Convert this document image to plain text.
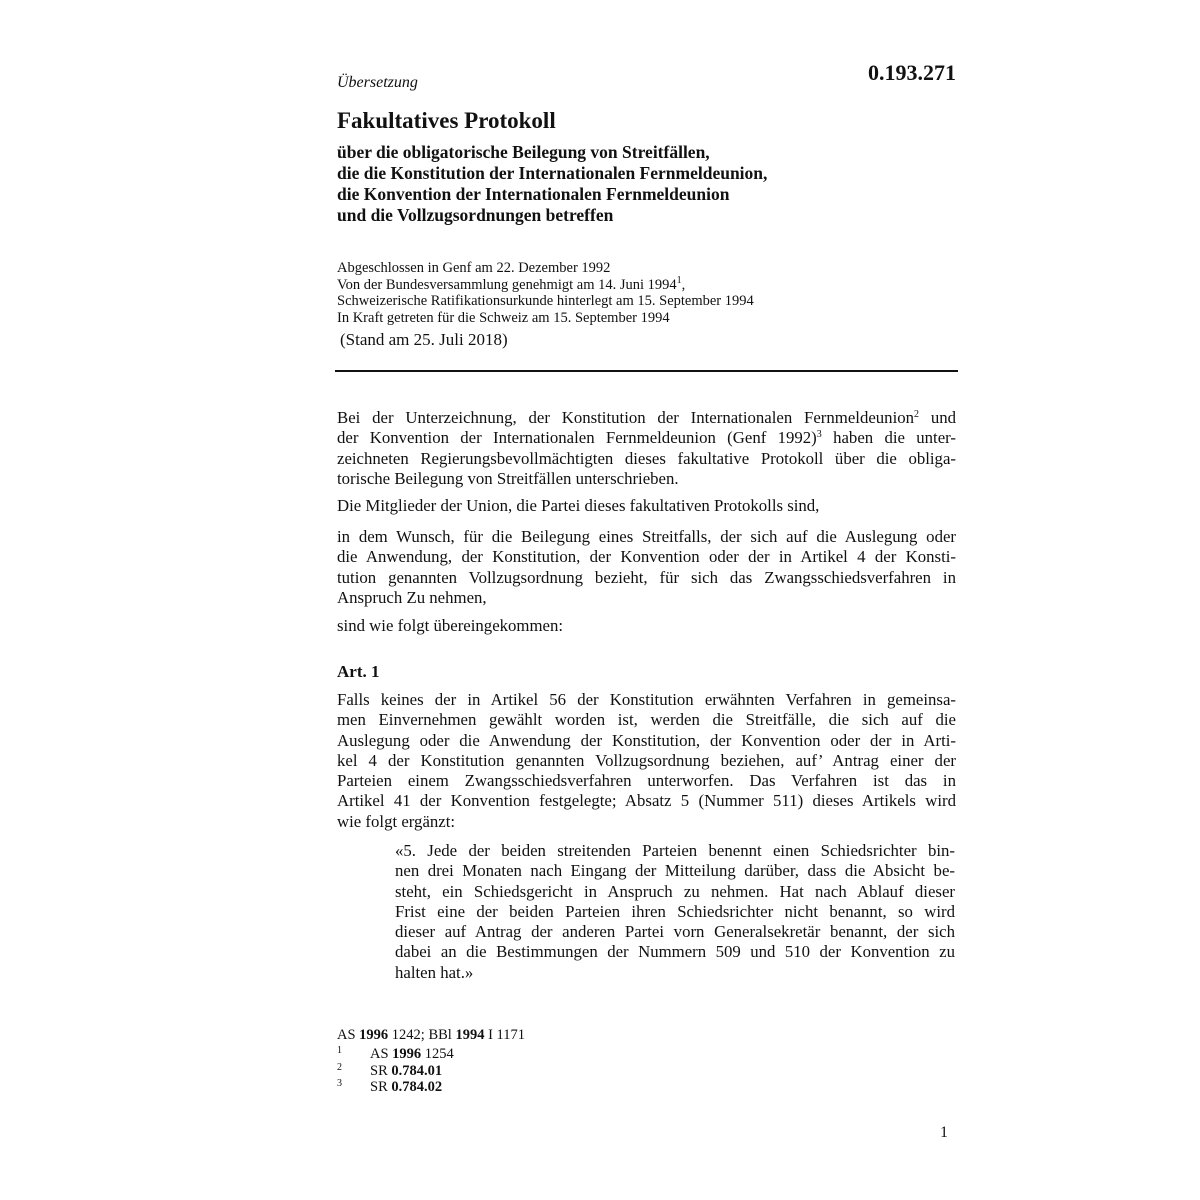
0.193.271
Übersetzung
Fakultatives Protokoll
über die obligatorische Beilegung von Streitfällen,
die die Konstitution der Internationalen Fernmeldeunion,
die Konvention der Internationalen Fernmeldeunion
und die Vollzugsordnungen betreffen
Abgeschlossen in Genf am 22. Dezember 1992
Von der Bundesversammlung genehmigt am 14. Juni 1994$^1$,
Schweizerische Ratifikationsurkunde hinterlegt am 15. September 1994
In Kraft getreten für die Schweiz am 15. September 1994
(Stand am 25. Juli 2018)
Bei der Unterzeichnung, der Konstitution der Internationalen Fernmeldeunion$^2$ und
der Konvention der Internationalen Fernmeldeunion (Genf 1992)$^3$ haben die unter-
zeichneten Regierungsbevollmächtigten dieses fakultative Protokoll über die obliga-
torische Beilegung von Streitfällen unterschrieben.
Die Mitglieder der Union, die Partei dieses fakultativen Protokolls sind,
in dem Wunsch, für die Beilegung eines Streitfalls, der sich auf die Auslegung oder
die Anwendung, der Konstitution, der Konvention oder der in Artikel 4 der Konsti-
tution genannten Vollzugsordnung bezieht, für sich das Zwangsschiedsverfahren in
Anspruch Zu nehmen,
sind wie folgt übereingekommen:
Art. 1
Falls keines der in Artikel 56 der Konstitution erwähnten Verfahren in gemeinsa-
men Einvernehmen gewählt worden ist, werden die Streitfälle, die sich auf die
Auslegung oder die Anwendung der Konstitution, der Konvention oder der in Arti-
kel 4 der Konstitution genannten Vollzugsordnung beziehen, auf’ Antrag einer der
Parteien einem Zwangsschiedsverfahren unterworfen. Das Verfahren ist das in
Artikel 41 der Konvention festgelegte; Absatz 5 (Nummer 511) dieses Artikels wird
wie folgt ergänzt:
«5. Jede der beiden streitenden Parteien benennt einen Schiedsrichter bin-
nen drei Monaten nach Eingang der Mitteilung darüber, dass die Absicht be-
steht, ein Schiedsgericht in Anspruch zu nehmen. Hat nach Ablauf dieser
Frist eine der beiden Parteien ihren Schiedsrichter nicht benannt, so wird
dieser auf Antrag der anderen Partei vorn Generalsekretär benannt, der sich
dabei an die Bestimmungen der Nummern 509 und 510 der Konvention zu
halten hat.»
AS 1996 1242; BBl 1994 I 1171
1 AS 1996 1254
2 SR 0.784.01
3 SR 0.784.02
1
